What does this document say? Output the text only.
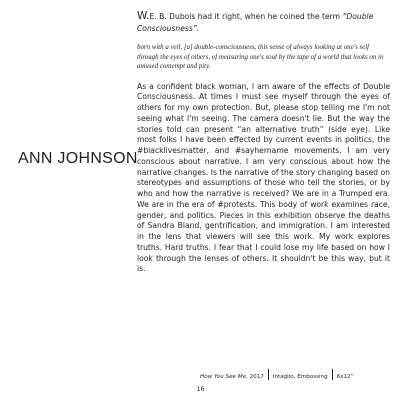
ANN JOHNSON

W.E. B. Dubois had it right, when he coined the term “Double Consciousness”.

born with a veil, [a] double-consciousness, this sense of always looking at one's self through the eyes of others, of measuring one's soul by the tape of a world that looks on in amused contempt and pity.

As a confident black woman, I am aware of the effects of Double Consciousness. At times I must see myself through the eyes of others for my own protection. But, please stop telling me I'm not seeing what I'm seeing. The camera doesn't lie. But the way the stories told can present “an alternative truth” (side eye). Like most folks I have been effected by current events in politics, the #blacklivesmatter, and #sayhername movements. I am very conscious about narrative. I am very conscious about how the narrative changes. Is the narrative of the story changing based on stereotypes and assumptions of those who tell the stories, or by who and how the narrative is received? We are in a Trumped era. We are in the era of #protests. This body of work examines race, gender, and politics. Pieces in this exhibition observe the deaths of Sandra Bland, gentrification, and immigration. I am interested in the lens that viewers will see this work. My work explores truths. Hard truths. I fear that I could lose my life based on how I look through the lenses of others. It shouldn't be this way, but it is.

How You See Me, 2017 Intaglio, Embossing 6x12”
16
